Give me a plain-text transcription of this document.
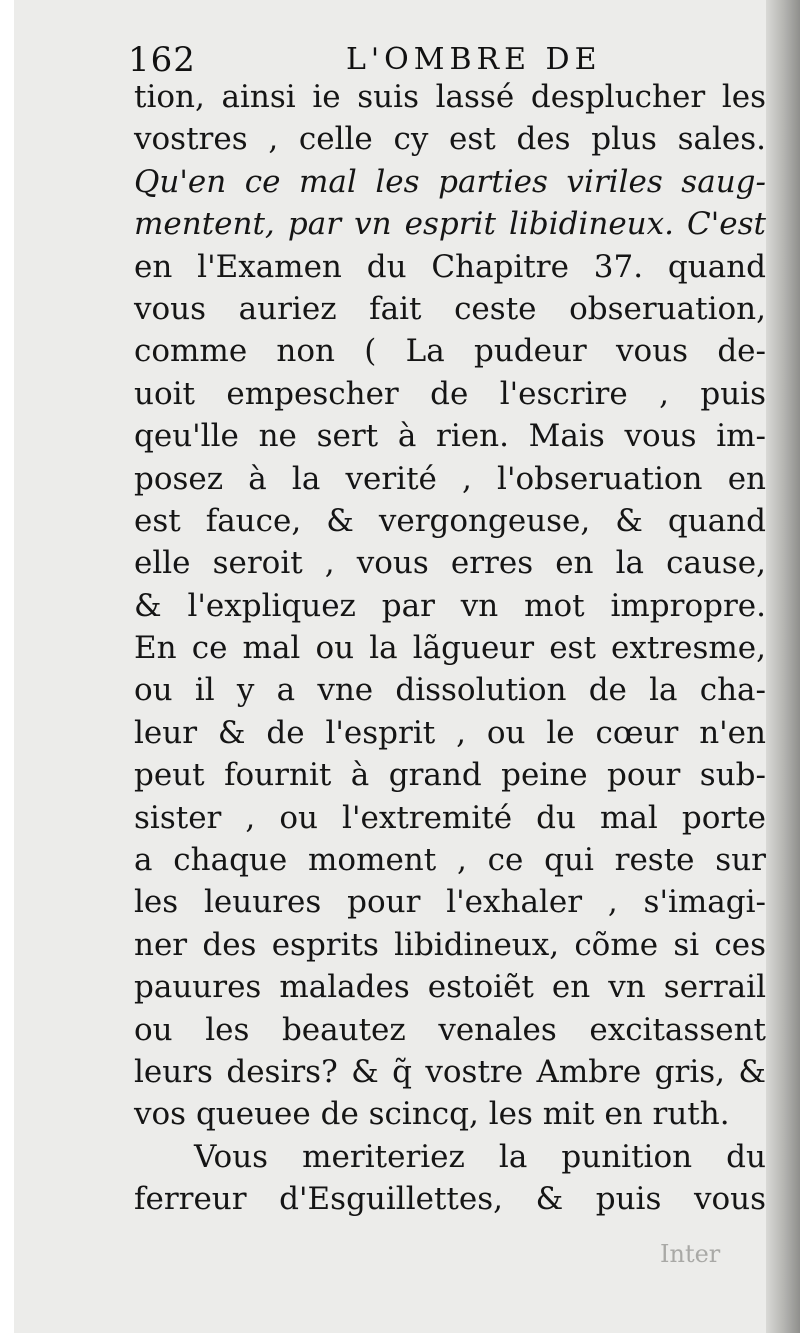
162	L'OMBRE DE
tion, ainsi ie suis lassé desplucher les
vostres , celle cy est des plus sales.
Qu'en ce mal les parties viriles saug-
mentent, par vn esprit libidineux. C'est
en l'Examen du Chapitre 37. quand
vous auriez fait ceste obseruation,
comme non ( La pudeur vous de-
uoit empescher de l'escrire , puis
qeu'lle ne sert à rien. Mais vous im-
posez à la verité , l'obseruation en
est fauce, & vergongeuse, & quand
elle seroit , vous erres en la cause,
& l'expliquez par vn mot impropre.
En ce mal ou la lãgueur est extresme,
ou il y a vne dissolution de la cha-
leur & de l'esprit , ou le cœur n'en
peut fournit à grand peine pour sub-
sister , ou l'extremité du mal porte
a chaque moment , ce qui reste sur
les leuures pour l'exhaler , s'imagi-
ner des esprits libidineux, cõme si ces
pauures malades estoiẽt en vn serrail
ou les beautez venales excitassent
leurs desirs? & q̃ vostre Ambre gris, &
vos queuee de scincq, les mit en ruth.
Vous meriteriez la punition du
ferreur d'Esguillettes, & puis vous
Inter
